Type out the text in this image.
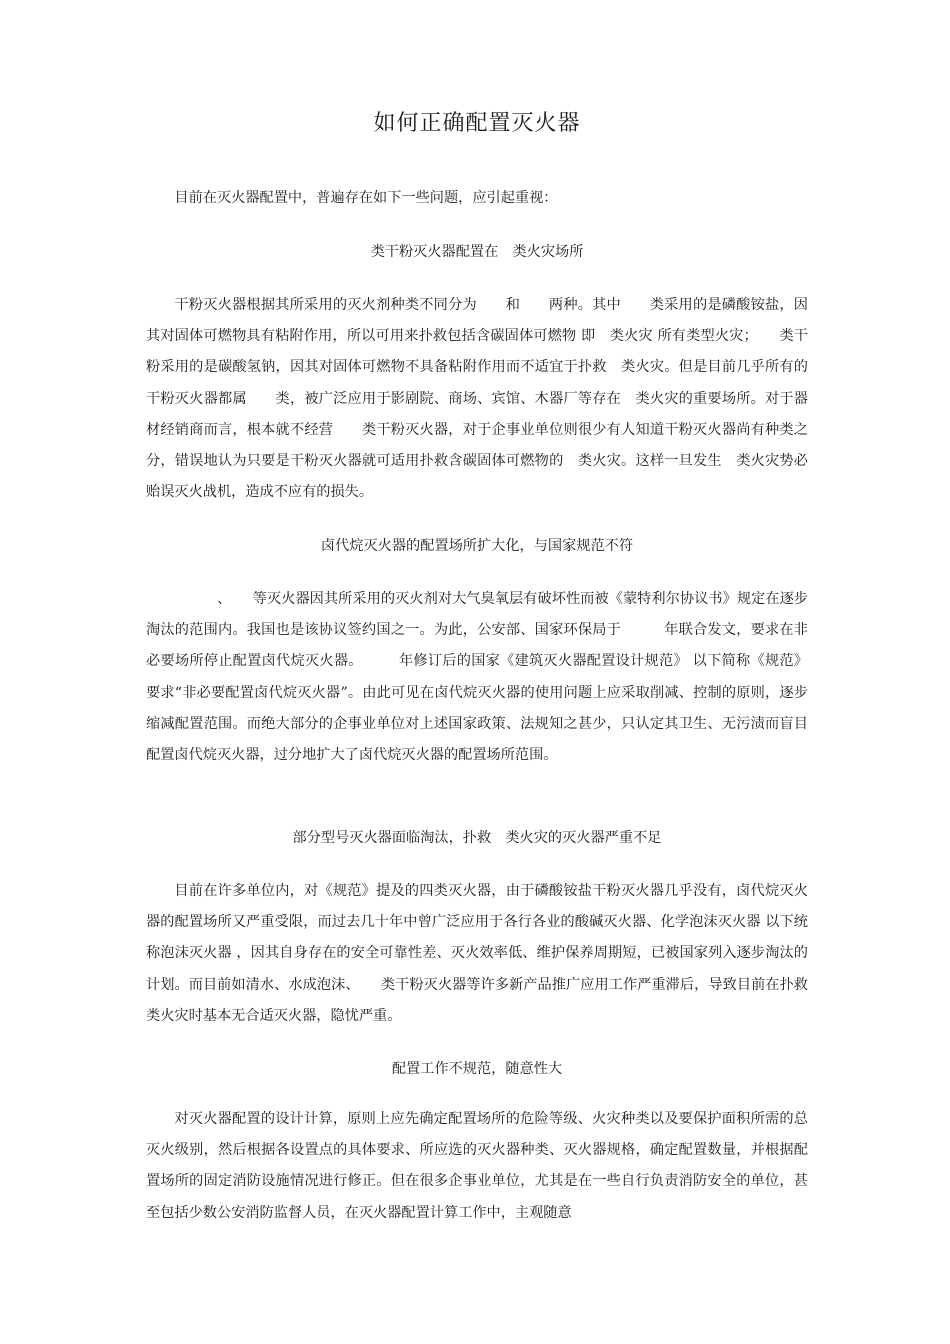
如何正确配置灭火器

目前在灭火器配置中，普遍存在如下一些问题，应引起重视：

类干粉灭火器配置在　类火灾场所

干粉灭火器根据其所采用的灭火剂种类不同分为　　和　　两种。其中　　类采用的是磷酸铵盐，因其对固体可燃物具有粘附作用，所以可用来扑救包括含碳固体可燃物 即　类火灾 所有类型火灾；　　类干粉采用的是碳酸氢钠，因其对固体可燃物不具备粘附作用而不适宜于扑救　类火灾。但是目前几乎所有的干粉灭火器都属　　类，被广泛应用于影剧院、商场、宾馆、木器厂等存在　类火灾的重要场所。对于器材经销商而言，根本就不经营　　类干粉灭火器，对于企事业单位则很少有人知道干粉灭火器尚有种类之分，错误地认为只要是干粉灭火器就可适用扑救含碳固体可燃物的　类火灾。这样一旦发生　类火灾势必贻误灭火战机，造成不应有的损失。

卤代烷灭火器的配置场所扩大化，与国家规范不符

　　　、　　等灭火器因其所采用的灭火剂对大气臭氧层有破坏性而被《蒙特利尔协议书》规定在逐步淘汰的范围内。我国也是该协议签约国之一。为此，公安部、国家环保局于　　　年联合发文，要求在非必要场所停止配置卤代烷灭火器。　　　年修订后的国家《建筑灭火器配置设计规范》 以下简称《规范》 要求“非必要配置卤代烷灭火器”。由此可见在卤代烷灭火器的使用问题上应采取削减、控制的原则，逐步缩减配置范围。而绝大部分的企事业单位对上述国家政策、法规知之甚少，只认定其卫生、无污渍而盲目配置卤代烷灭火器，过分地扩大了卤代烷灭火器的配置场所范围。

部分型号灭火器面临淘汰，扑救　类火灾的灭火器严重不足

目前在许多单位内，对《规范》提及的四类灭火器，由于磷酸铵盐干粉灭火器几乎没有，卤代烷灭火器的配置场所又严重受限，而过去几十年中曾广泛应用于各行各业的酸碱灭火器、化学泡沫灭火器 以下统称泡沫灭火器 ，因其自身存在的安全可靠性差、灭火效率低、维护保养周期短，已被国家列入逐步淘汰的计划。而目前如清水、水成泡沫、　　类干粉灭火器等许多新产品推广应用工作严重滞后，导致目前在扑救　类火灾时基本无合适灭火器，隐忧严重。

配置工作不规范，随意性大

对灭火器配置的设计计算，原则上应先确定配置场所的危险等级、火灾种类以及要保护面积所需的总灭火级别，然后根据各设置点的具体要求、所应选的灭火器种类、灭火器规格，确定配置数量，并根据配置场所的固定消防设施情况进行修正。但在很多企事业单位，尤其是在一些自行负责消防安全的单位，甚至包括少数公安消防监督人员，在灭火器配置计算工作中，主观随意
